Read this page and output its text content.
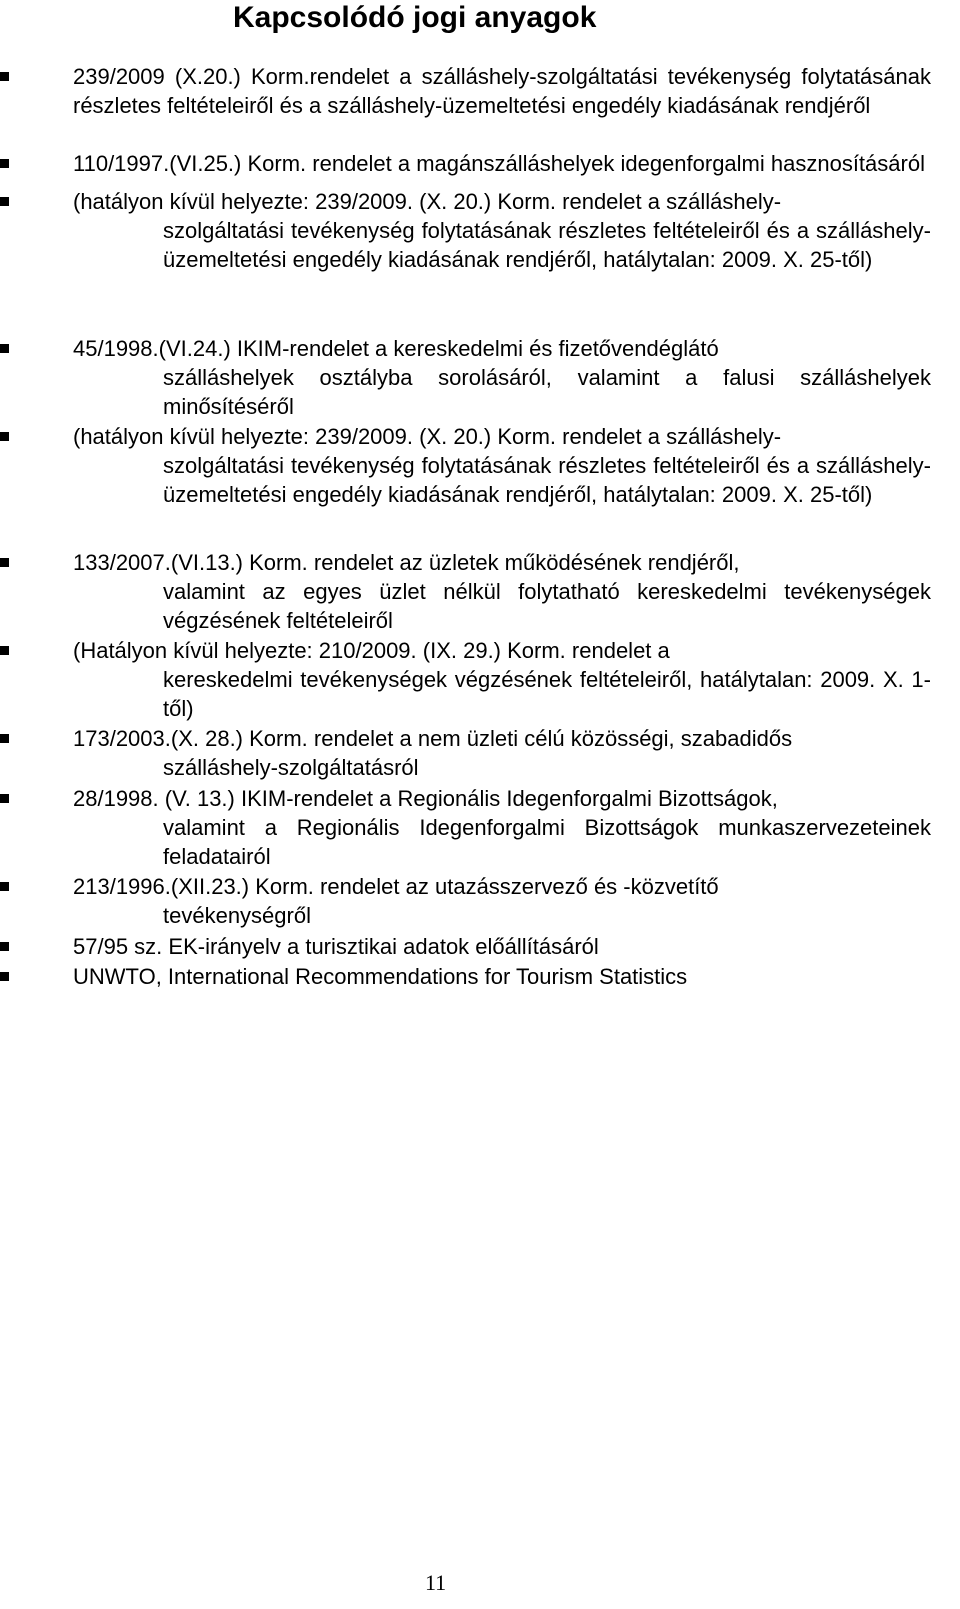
Kapcsolódó jogi anyagok

239/2009 (X.20.) Korm.rendelet a szálláshely-szolgáltatási tevékenység folytatásának részletes feltételeiről és a szálláshely-üzemeltetési engedély kiadásának rendjéről

110/1997.(VI.25.) Korm. rendelet a magánszálláshelyek idegenforgalmi hasznosításáról

(hatályon kívül helyezte: 239/2009. (X. 20.) Korm. rendelet a szálláshely-
szolgáltatási tevékenység folytatásának részletes feltételeiről és a szálláshely-üzemeltetési engedély kiadásának rendjéről, hatálytalan: 2009. X. 25-től)

45/1998.(VI.24.) IKIM-rendelet a kereskedelmi és fizetővendéglátó
szálláshelyek osztályba sorolásáról, valamint a falusi szálláshelyek minősítéséről

(hatályon kívül helyezte: 239/2009. (X. 20.) Korm. rendelet a szálláshely-
szolgáltatási tevékenység folytatásának részletes feltételeiről és a szálláshely-üzemeltetési engedély kiadásának rendjéről, hatálytalan: 2009. X. 25-től)

133/2007.(VI.13.) Korm. rendelet az üzletek működésének rendjéről,
valamint az egyes üzlet nélkül folytatható kereskedelmi tevékenységek végzésének feltételeiről

(Hatályon kívül helyezte: 210/2009. (IX. 29.) Korm. rendelet a
kereskedelmi tevékenységek végzésének feltételeiről, hatálytalan: 2009. X. 1-től)

173/2003.(X. 28.) Korm. rendelet a nem üzleti célú közösségi, szabadidős
szálláshely-szolgáltatásról

28/1998. (V. 13.) IKIM-rendelet a Regionális Idegenforgalmi Bizottságok,
valamint a Regionális Idegenforgalmi Bizottságok munkaszervezeteinek feladatairól

213/1996.(XII.23.) Korm. rendelet az utazásszervező és -közvetítő
tevékenységről

57/95 sz. EK-irányelv a turisztikai adatok előállításáról

UNWTO, International Recommendations for Tourism Statistics

11
